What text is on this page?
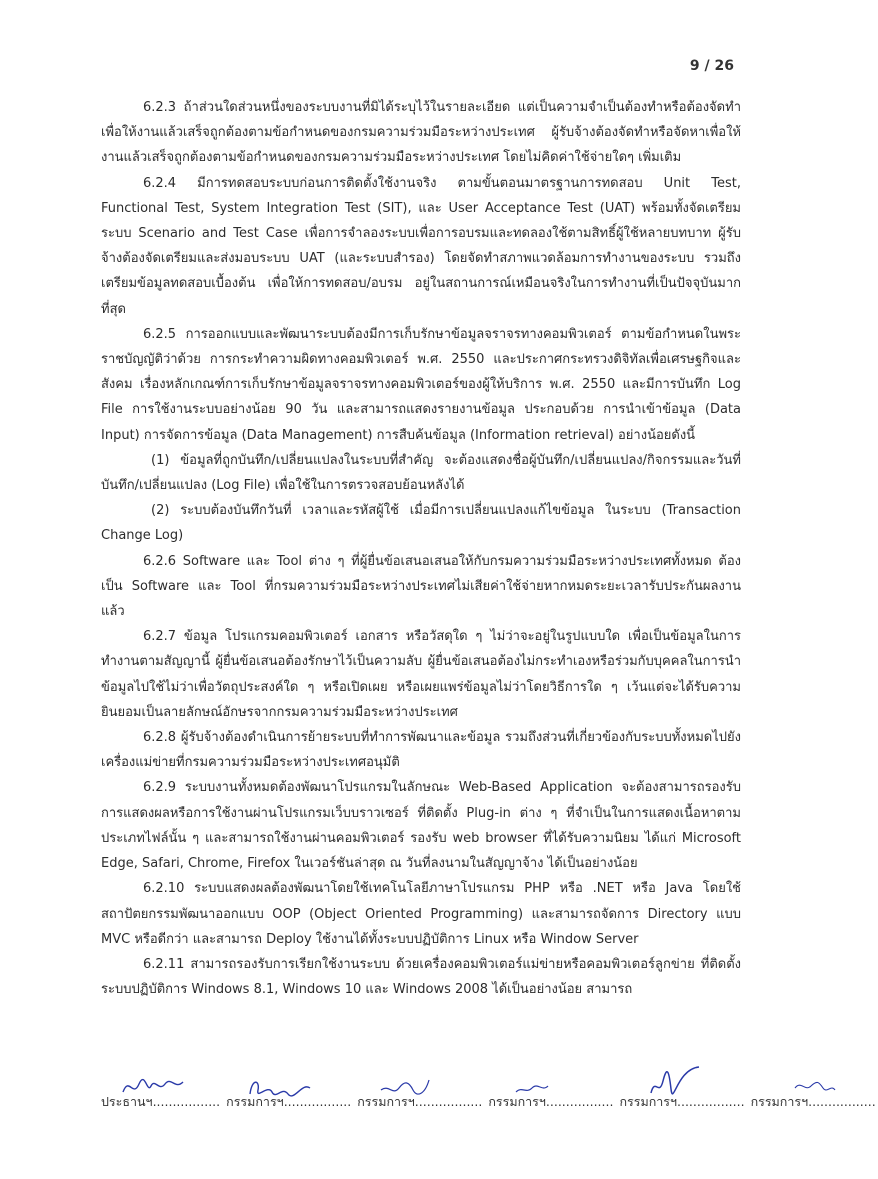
9 / 26

6.2.3 ถ้าส่วนใดส่วนหนึ่งของระบบงานที่มิได้ระบุไว้ในรายละเอียด แต่เป็นความจำเป็นต้องทำหรือต้องจัดทำเพื่อให้งานแล้วเสร็จถูกต้องตามข้อกำหนดของกรมความร่วมมือระหว่างประเทศ ผู้รับจ้างต้องจัดทำหรือจัดหาเพื่อให้งานแล้วเสร็จถูกต้องตามข้อกำหนดของกรมความร่วมมือระหว่างประเทศ โดยไม่คิดค่าใช้จ่ายใดๆ เพิ่มเติม

6.2.4 มีการทดสอบระบบก่อนการติดตั้งใช้งานจริง ตามขั้นตอนมาตรฐานการทดสอบ Unit Test, Functional Test, System Integration Test (SIT), และ User Acceptance Test (UAT) พร้อมทั้งจัดเตรียมระบบ Scenario and Test Case เพื่อการจำลองระบบเพื่อการอบรมและทดลองใช้ตามสิทธิ์ผู้ใช้หลายบทบาท ผู้รับจ้างต้องจัดเตรียมและส่งมอบระบบ UAT (และระบบสำรอง) โดยจัดทำสภาพแวดล้อมการทำงานของระบบ รวมถึงเตรียมข้อมูลทดสอบเบื้องต้น เพื่อให้การทดสอบ/อบรม อยู่ในสถานการณ์เหมือนจริงในการทำงานที่เป็นปัจจุบันมากที่สุด

6.2.5 การออกแบบและพัฒนาระบบต้องมีการเก็บรักษาข้อมูลจราจรทางคอมพิวเตอร์ ตามข้อกำหนดในพระราชบัญญัติว่าด้วย การกระทำความผิดทางคอมพิวเตอร์ พ.ศ. 2550 และประกาศกระทรวงดิจิทัลเพื่อเศรษฐกิจและสังคม เรื่องหลักเกณฑ์การเก็บรักษาข้อมูลจราจรทางคอมพิวเตอร์ของผู้ให้บริการ พ.ศ. 2550 และมีการบันทึก Log File การใช้งานระบบอย่างน้อย 90 วัน และสามารถแสดงรายงานข้อมูล ประกอบด้วย การนำเข้าข้อมูล (Data Input) การจัดการข้อมูล (Data Management) การสืบค้นข้อมูล (Information retrieval) อย่างน้อยดังนี้

(1) ข้อมูลที่ถูกบันทึก/เปลี่ยนแปลงในระบบที่สำคัญ จะต้องแสดงชื่อผู้บันทึก/เปลี่ยนแปลง/กิจกรรมและวันที่บันทึก/เปลี่ยนแปลง (Log File) เพื่อใช้ในการตรวจสอบย้อนหลังได้

(2) ระบบต้องบันทึกวันที่ เวลาและรหัสผู้ใช้ เมื่อมีการเปลี่ยนแปลงแก้ไขข้อมูล ในระบบ (Transaction Change Log)

6.2.6 Software และ Tool ต่าง ๆ ที่ผู้ยื่นข้อเสนอเสนอให้กับกรมความร่วมมือระหว่างประเทศทั้งหมด ต้องเป็น Software และ Tool ที่กรมความร่วมมือระหว่างประเทศไม่เสียค่าใช้จ่ายหากหมดระยะเวลารับประกันผลงานแล้ว

6.2.7 ข้อมูล โปรแกรมคอมพิวเตอร์ เอกสาร หรือวัสดุใด ๆ ไม่ว่าจะอยู่ในรูปแบบใด เพื่อเป็นข้อมูลในการทำงานตามสัญญานี้ ผู้ยื่นข้อเสนอต้องรักษาไว้เป็นความลับ ผู้ยื่นข้อเสนอต้องไม่กระทำเองหรือร่วมกับบุคคลในการนำข้อมูลไปใช้ไม่ว่าเพื่อวัตถุประสงค์ใด ๆ หรือเปิดเผย หรือเผยแพร่ข้อมูลไม่ว่าโดยวิธีการใด ๆ เว้นแต่จะได้รับความยินยอมเป็นลายลักษณ์อักษรจากกรมความร่วมมือระหว่างประเทศ

6.2.8 ผู้รับจ้างต้องดำเนินการย้ายระบบที่ทำการพัฒนาและข้อมูล รวมถึงส่วนที่เกี่ยวข้องกับระบบทั้งหมดไปยังเครื่องแม่ข่ายที่กรมความร่วมมือระหว่างประเทศอนุมัติ

6.2.9 ระบบงานทั้งหมดต้องพัฒนาโปรแกรมในลักษณะ Web-Based Application จะต้องสามารถรองรับการแสดงผลหรือการใช้งานผ่านโปรแกรมเว็บบราวเซอร์ ที่ติดตั้ง Plug-in ต่าง ๆ ที่จำเป็นในการแสดงเนื้อหาตามประเภทไฟล์นั้น ๆ และสามารถใช้งานผ่านคอมพิวเตอร์ รองรับ web browser ที่ได้รับความนิยม ได้แก่ Microsoft Edge, Safari, Chrome, Firefox ในเวอร์ชันล่าสุด ณ วันที่ลงนามในสัญญาจ้าง ได้เป็นอย่างน้อย

6.2.10 ระบบแสดงผลต้องพัฒนาโดยใช้เทคโนโลยีภาษาโปรแกรม PHP หรือ .NET หรือ Java โดยใช้สถาปัตยกรรมพัฒนาออกแบบ OOP (Object Oriented Programming) และสามารถจัดการ Directory แบบ MVC หรือดีกว่า และสามารถ Deploy ใช้งานได้ทั้งระบบปฏิบัติการ Linux หรือ Window Server

6.2.11 สามารถรองรับการเรียกใช้งานระบบ ด้วยเครื่องคอมพิวเตอร์แม่ข่ายหรือคอมพิวเตอร์ลูกข่าย ที่ติดตั้งระบบปฏิบัติการ Windows 8.1, Windows 10 และ Windows 2008 ได้เป็นอย่างน้อย สามารถ

ประธานฯ................. กรรมการฯ................. กรรมการฯ................. กรรมการฯ................. กรรมการฯ................. กรรมการฯ.................
